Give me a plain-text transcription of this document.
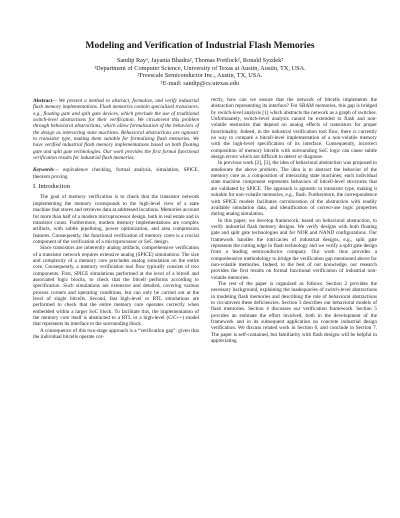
Modeling and Verification of Industrial Flash Memories
Sandip Ray¹, Jayanta Bhadra², Thomas Portlock², Ronald Syzdek²
¹Department of Computer Science, University of Texas at Austin, Austin, TX, USA.
²Freescale Semiconductor Inc., Austin, TX, USA.
¹E-mail: sandip@cs.utexas.edu

Abstract— We present a method to abstract, formalize, and verify industrial flash memory implementations. Flash memories contain specialized transistors, e.g., floating gate and split gate devices, which preclude the use of traditional switch-level abstractions for their verification. We circumvent this problem through behavioral abstractions, which allow formalization of the behaviors of the design as interacting state machines. Behavioral abstractions are agnostic to transistor type, making them suitable for formalizing flash memories. We have verified industrial flash memory implementations based on both floating gate and split gate technologies. Our work provides the first formal functional verification results for industrial flash memories.

Keywords— equivalence checking, formal analysis, simulation, SPICE, theorem proving

I. Introduction

The goal of memory verification is to check that the transistor network implementing the memory corresponds to the high-level view of a state machine that stores and retrieves data at addressed locations. Memories account for more than half of a modern microprocessor design, both in real estate and in transistor count. Furthermore, modern memory implementations are complex artifacts, with subtle pipelining, power optimization, and area compression features. Consequently, the functional verification of memory cores is a crucial component of the verification of a microprocessor or SoC design.

Since transistors are inherently analog artifacts, comprehensive verification of a transistor network requires extensive analog (SPICE) simulations. The size and complexity of a memory core precludes analog simulation on the entire core. Consequently, a memory verification tool flow typically consists of two components. First, SPICE simulations performed at the level of a bitcell and associated logic blocks, to check that the bitcell performs according to specification. Such simulations are extensive and detailed, covering various process corners and operating conditions, but can only be carried out at the level of single bitcells. Second, fast high-level or RTL simulations are performed to check that the entire memory core operates correctly when embedded within a larger SoC block. To facilitate this, the implementation of the memory core itself is abstracted to a RTL or a high-level (C/C++) model that represents its interface to the surrounding block.

A consequence of this two-stage approach is a “verification gap”: given that the individual bitcells operate cor-

rectly, how can we ensure that the network of bitcells implements the abstraction representing its interface? For SRAM memories, this gap is bridged by switch-level analysis [1] which abstracts the network as a graph of switches. Unfortunately, switch-level analysis cannot be extended to flash and non-volatile memories that depend on analog effects of transistors for proper functionality. Indeed, in the industrial verification tool flow, there is currently no way to compare a bitcell-level implementation of a non-volatile memory with the high-level specification of its interface. Consequently, incorrect composition of memory bitcells with surrounding SoC logic can cause subtle design errors which are difficult to detect or diagnose.

In previous work [2], [3], the idea of behavioral abstraction was proposed to ameliorate the above problem. The idea is to abstract the behavior of the memory core as a composition of interacting state machines; each individual state machine component represents behaviors of bitcell-level structures that are validated by SPICE. The approach is agnostic to transistor type, making it suitable for non-volatile memories, e.g., flash. Furthermore, the correspondence with SPICE models facilitates corroboration of the abstraction with readily available simulation data, and identification of correct-use logic properties during analog simulation.

In this paper, we develop framework, based on behavioral abstraction, to verify industrial flash memory designs. We verify designs with both floating gate and split gate technologies and for NOR and NAND configurations. Our framework handles the intricacies of industrial designs, e.g., split gate represents the cutting edge in flash technology and we verify a split gate design from a leading semiconductor company. Our work thus provides a comprehensive methodology to bridge the verification gap mentioned above for non-volatile memories. Indeed, to the best of our knowledge, our research provides the first results on formal functional verification of industrial non-volatile memories.

The rest of the paper is organized as follows. Section 2 provides the necessary background, explaining the inadequacies of switch-level abstractions in modeling flash memories and describing the role of behavioral abstractions to circumvent these deficiencies. Section 3 describes our behavioral models of flash memories. Section 4 discusses our verification framework. Section 5 provides an estimate the effort involved, both in the development of the framework and in its subsequent application on concrete industrial design verification. We discuss related work in Section 6, and conclude in Section 7. The paper is self-contained, but familiarity with flash designs will be helpful in appreciating
